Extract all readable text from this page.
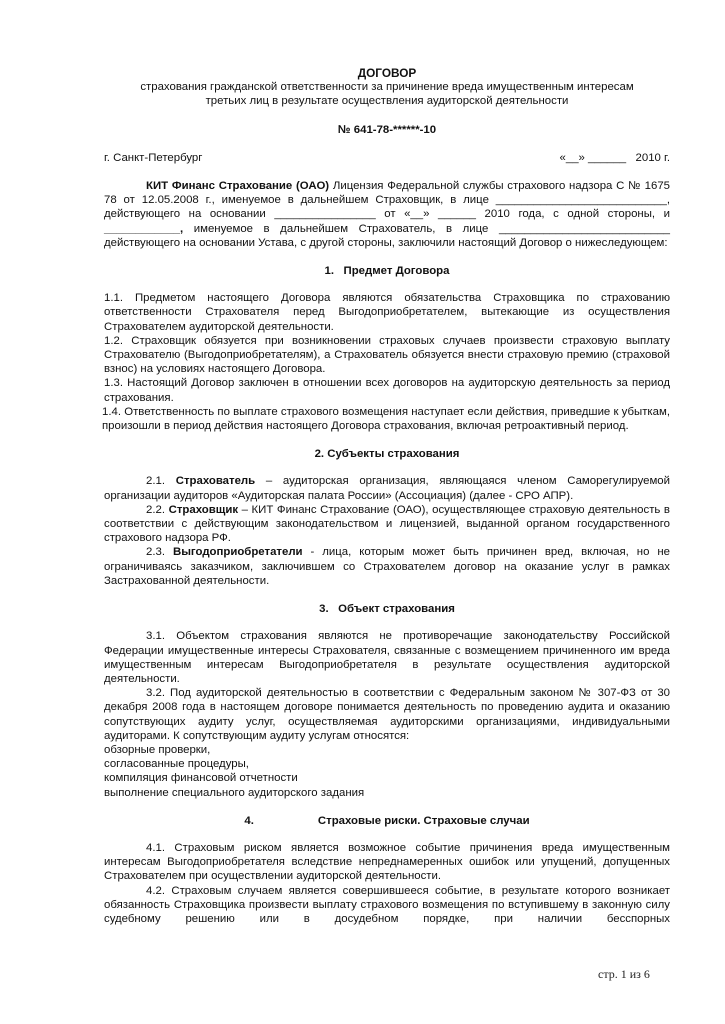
ДОГОВОР
страхования гражданской ответственности за причинение вреда имущественным интересам
третьих лиц в результате осуществления аудиторской деятельности
№ 641-78-******-10
г. Санкт-Петербург	«__» ______   2010 г.

КИТ Финанс Страхование (ОАО) Лицензия Федеральной службы страхового надзора С № 1675 78 от 12.05.2008 г., именуемое в дальнейшем Страховщик, в лице ___________________________, действующего на основании ________________ от «__» ______ 2010 года, с одной стороны, и ____________, именуемое в дальнейшем Страхователь, в лице ___________________________ действующего на основании Устава, с другой стороны, заключили настоящий Договор о нижеследующем:

1.   Предмет Договора

1.1. Предметом настоящего Договора являются обязательства Страховщика по страхованию ответственности Страхователя перед Выгодоприобретателем, вытекающие из осуществления Страхователем аудиторской деятельности.

1.2. Страховщик обязуется при возникновении страховых случаев произвести страховую выплату Страхователю (Выгодоприобретателям), а Страхователь обязуется внести страховую премию (страховой взнос) на условиях настоящего Договора.

1.3. Настоящий Договор заключен в отношении всех договоров на аудиторскую деятельность за период страхования.

1.4. Ответственность по выплате страхового возмещения наступает если действия, приведшие к убыткам, произошли в период действия настоящего Договора страхования, включая ретроактивный период.

2. Субъекты страхования

2.1. Страхователь – аудиторская организация, являющаяся членом Саморегулируемой организации аудиторов «Аудиторская палата России» (Ассоциация) (далее - СРО АПР).

2.2. Страховщик – КИТ Финанс Страхование (ОАО), осуществляющее страховую деятельность в соответствии с действующим законодательством и лицензией, выданной органом государственного страхового надзора РФ.

2.3. Выгодоприобретатели - лица, которым может быть причинен вред, включая, но не ограничиваясь заказчиком, заключившем со Страхователем договор на оказание услуг в рамках Застрахованной деятельности.

3.   Объект страхования

3.1. Объектом страхования являются не противоречащие законодательству Российской Федерации имущественные интересы Страхователя, связанные с возмещением причиненного им вреда имущественным интересам Выгодоприобретателя в результате осуществления аудиторской деятельности.

3.2. Под аудиторской деятельностью в соответствии с Федеральным законом № 307-ФЗ от 30 декабря 2008 года в настоящем договоре понимается деятельность по проведению аудита и оказанию сопутствующих аудиту услуг, осуществляемая аудиторскими организациями, индивидуальными аудиторами. К сопутствующим аудиту услугам относятся:

обзорные проверки,
согласованные процедуры,
компиляция финансовой отчетности
выполнение специального аудиторского задания
4.	Страховые риски. Страховые случаи

4.1. Страховым риском является возможное событие причинения вреда имущественным интересам Выгодоприобретателя вследствие непреднамеренных ошибок или упущений, допущенных Страхователем при осуществлении аудиторской деятельности.

4.2. Страховым случаем является совершившееся событие, в результате которого возникает обязанность Страховщика произвести выплату страхового возмещения по вступившему в законную силу судебному решению или в досудебном порядке, при наличии бесспорных

стр. 1 из 6
